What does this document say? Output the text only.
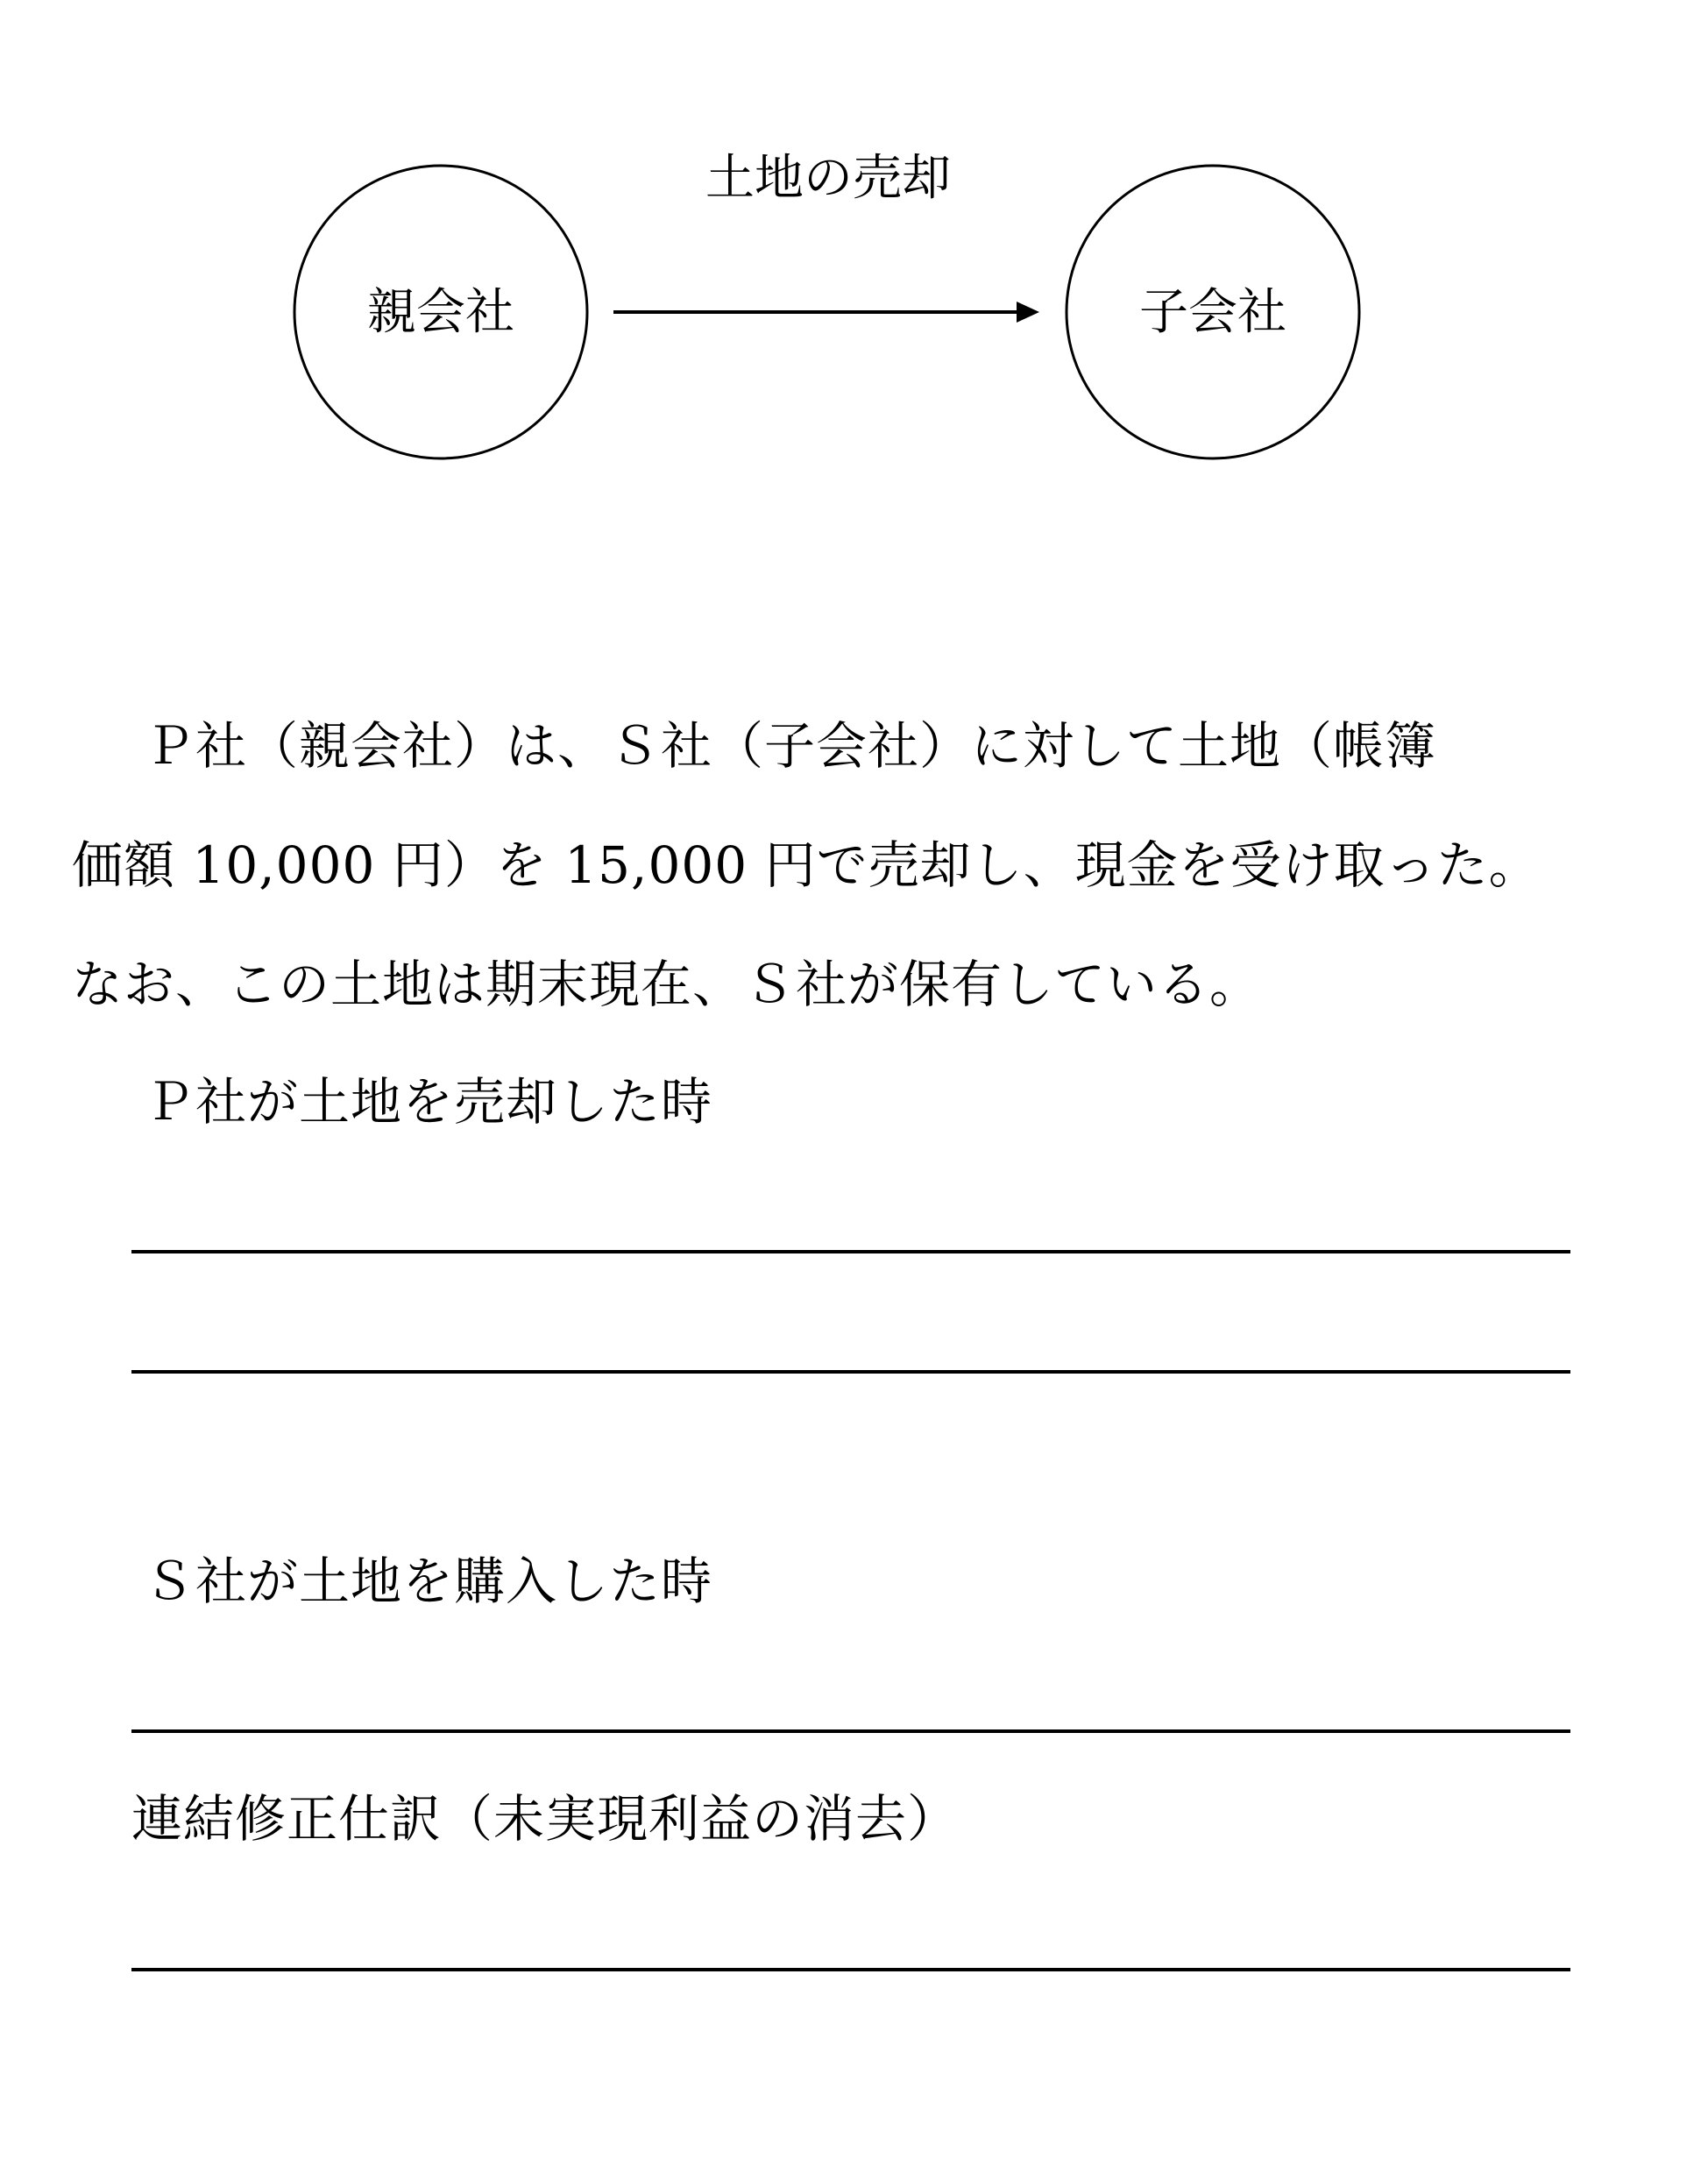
土地の売却
親会社	子会社

Ｐ社（親会社）は、Ｓ社（子会社）に対して土地（帳簿

価額 10,000 円）を 15,000 円で売却し、現金を受け取った。

なお、この土地は期末現在、Ｓ社が保有している。

Ｐ社が土地を売却した時

Ｓ社が土地を購入した時

連結修正仕訳（未実現利益の消去）
